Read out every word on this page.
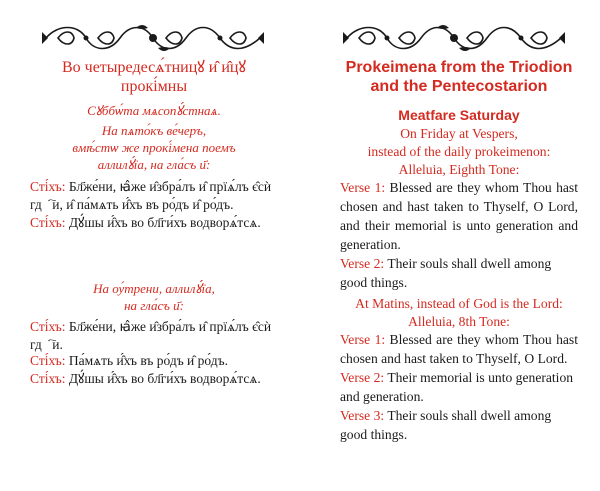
Во четыредесѧ́тницꙋ и̂ и̂цꙋ прокі́мны
Сꙋббѡ́та мѧсопꙋ́стнаѧ.
На пѧто́къ ве́черъ,
вмѣ́стѡ же прокі́мена поемъ
аллилꙋ́їа, на гла́съ и҃:
Сті́хъ: Бл҃же́ни, ꙗ̂же и̂збра́лъ и̂ прїѧ́лъ є̂сѝ гдⷭ҇и, и̂ па́мѧть и̂́хъ въ ро́дъ и̂ ро́дъ.
Сті́хъ: Дꙋ́шы и̂́хъ во бл҃ги́хъ водворѧ́тсѧ.
На оу́трени, аллилꙋ́їа,
на гла́съ и҃:
Сті́хъ: Бл҃же́ни, ꙗ̂же и̂збра́лъ и̂ прїѧ́лъ є̂сѝ гдⷭ҇и.
Сті́хъ: Па́мѧть и̂́хъ въ ро́дъ и̂ ро́дъ.
Сті́хъ: Дꙋ́шы и̂́хъ во бл҃ги́хъ водворѧ́тсѧ.
Prokeimena from the Triodion and the Pentecostarion
Meatfare Saturday
On Friday at Vespers,
instead of the daily prokeimenon:
Alleluia, Eighth Tone:
Verse 1: Blessed are they whom Thou hast chosen and hast taken to Thyself, O Lord, and their memorial is unto generation and generation.
Verse 2: Their souls shall dwell among good things.
At Matins, instead of God is the Lord:
Alleluia, 8th Tone:
Verse 1: Blessed are they whom Thou hast chosen and hast taken to Thyself, O Lord.
Verse 2: Their memorial is unto generation and generation.
Verse 3: Their souls shall dwell among good things.
